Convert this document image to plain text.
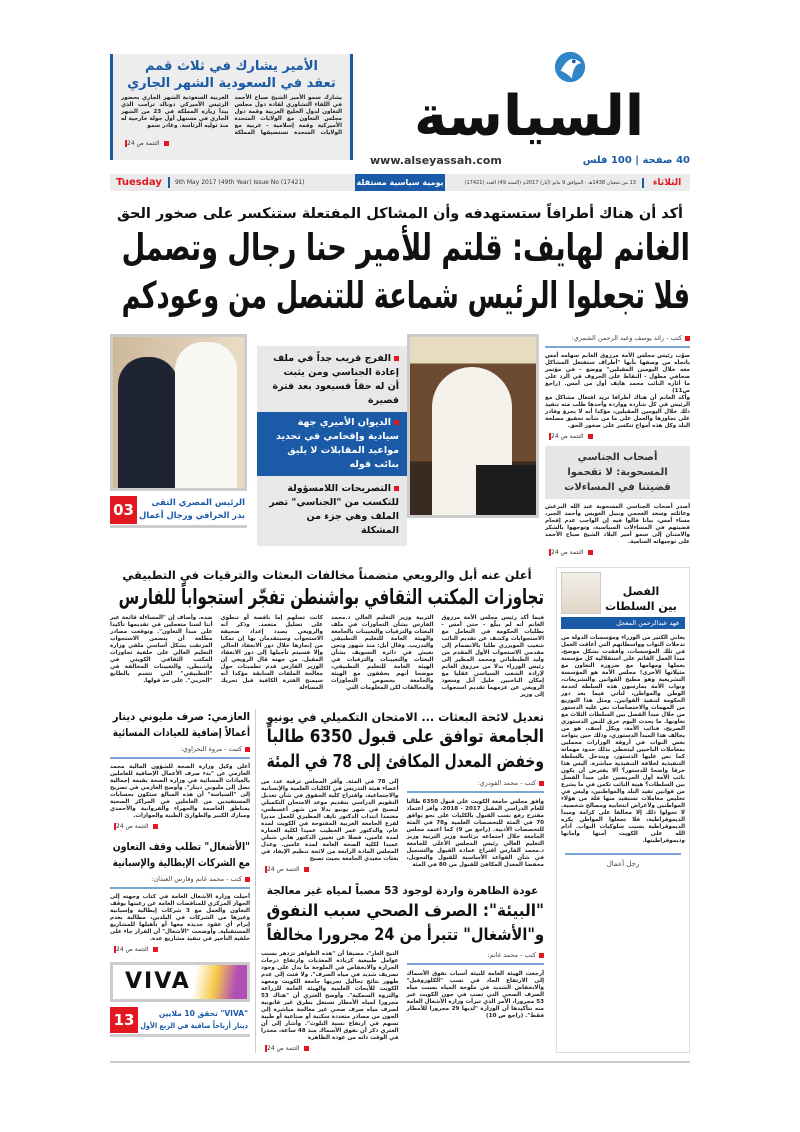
الأمير يشارك في ثلاث قمم
تعقد في السعودية الشهر الجاري
يشارك سمو الأمير الشيخ صباح الأحمد في اللقاء التشاوري لقادة دول مجلس التعاون لدول الخليج العربية وقمة دول مجلس التعاون مع الولايات المتحدة الأميركية وقمة إسلامية - عربية مع الولايات المتحدة تستضيفها المملكة العربية السعودية الشهر الجاري بحضور الرئيس الأميركي دونالد ترامب الذي يبدأ زيارة المملكة في 23 من الشهر الجاري في مستهل أول جولة خارجية له منذ توليه الرئاسة. وغادر سمو
التتمة ص 24	السياسة
www.alseyassah.com	40 صفحة | 100 فلس
Tuesday	9th May 2017 (49th Year) Issue No (17421)	يومية سياسية مستقلة	13 من شعبان 1438هـ - الموافق 9 مايو (أيار) 2017م (السنة 49) العدد (17421)	الثلاثاء
أكد أن هناك أطرافاً ستستهدفه وأن المشاكل المفتعلة ستنكسر على صخور الحق
الغانم لهايف: قلتم للأمير حنا رجال وتصمل
فلا تجعلوا الرئيس شماعة للتنصل من وعودكم
كتب - رائد يوسف وعبد الرحمن الشمري:
صوّب رئيس مجلس الأمة مرزوق الغانم سهامه أمس باتجاه من وصفها بأنها "أطراف ستفتعل المشاكل معه خلال اليومين المقبلين" ووضع - في مؤتمر صحافي مطول - النقاط على الحروف في الرد على ما أثاره النائب محمد هايف أول من أمس. (راجع ص11)
وأكد الغانم أن هناك أطرافا تريد افتعال مشاكل مع الرئيس في كل شاردة وواردة وأحدها طلب منه تنفيذ ذلك خلال اليومين المقبلين، مؤكدا أنه لا يجرؤ وقادر على تجاوزها والعمل على ما من شأنه تحقيق مصلحة البلد وكل هذه أمواج تتكسر على صخور الحق.
التتمة ص 24
أصحاب الجناسي المسحوبة: لا تقحموا قضيتنا في المساءلات
أصدر أصحاب الجناسي المسحوبة عبد الله البرغش وعائلته وسعد العجمي ونبيل العويس وأحمد الجبر، مساء أمس، بيانا قالوا فيه إن الواجب عدم إقحام قضيتهم في المساءلات السياسية، وتوجهوا بالشكر والامتنان إلى سمو أمير البلاد الشيخ صباح الأحمد على توجيهاته السامية.
التتمة ص 24
الفرج قريب جداً في ملف إعادة الجناسي ومن يثبت أن له حقاً فسيعود بعد فترة قصيرة
الديوان الأميري جهة سيادية وإقحامي في تحديد مواعيد المقابلات لا يليق بنائب قوله
التصريحات اللامسؤولة للتكسب من "الجناسي" تضر الملف وهي جزء من المشكلة
03	الرئيس المصري التقى
بدر الخرافي ورجال أعمال
الفصل
بين السلطات
فهد عبدالرحمن المعجل
يعاني الكثير من الوزراء ومؤسسات الدولة من تدخلات النواب وواسطاتهم التي أعاقت العمل في تلك المؤسسات، وأفقدت بشكل موضح، مبدأ العمل القائم على استقلالية كل مؤسسة بعملها ومهامها مع ضرورة التعاون مع مثيلاتها الأخرى! مجلس الأمة هو المؤسسة التشريعية وهو مطبخ القوانين والتشريعات، ونواب الأمة يمارسون هذه السلطة لخدمة الوطن والمواطن، لتأتي فيما بعد دور الحكومة لتنفيذ القوانين. ومثل هذا التوزيع من المهمات والاختصاصات نص عليه الدستور من خلال مبدأ الفصل بين السلطات الثلاث مع تعاونها. ما يحدث اليوم خرق للنص الدستوري الصريح، فنائب الأمة، وبكل أسف، هو من يخالف هذا المبدأ الدستوري، وذلك حين يتواجد بعض النواب في أروقة الوزارات محملين بمعاملات الناخبين ليتخطى بذلك حدود مهماته كما نص عليها الدستور، ويتدخل بالسلطة التنفيذية لخلافة التنفيذية مباشرة. أليس هذا خرقا واضحا للدستور؟ ألا يفترض أن يكون نائب الأمة أول الحريصين على مبدأ الفصل بين السلطات؟ هيبة النائب تكمن في ما يشرع من قوانين تفيد البلد والمواطنين، وليس في تخليص معاملات تستفيد منها قلة من هؤلاء المواطنين ولأغراض انتخابية ومصالح شخصية. لا تحولوا ذلك إلا مخالفا على كرامة ومبدأ الديموقراطية، فلا تجعلوا المواطن يكره الديموقراطية بسبب سلوكيات النواب. أدام الله على الكويت أمنها وأمانها وديموقراطيتها.
رجل أعمال
أعلن عنه أبل والرويعي متضمناً مخالفات البعثات والترقيات في التطبيقي
تجاوزات المكتب الثقافي بواشنطن تفجّر استجواباً للفارس
فيما أكد رئيس مجلس الأمة مرزوق الغانم أنه لم يبلّغ - حتى أمس - بطلبات الحكومة في التعامل مع الاستجوابات وكشف عن تقديم النائب شعيب المويزري طلبا بالانضمام إلى مقدمي الاستجواب الأول المقدم من وليد الطبطبائي ومحمد المطير إلى رئيس الوزراء بدلا من مرزوق الغانم لإرادة الشعب السياسي عقليا مع إمكان الناخبين خليل أبل وسعود الرويعي عن عزمهما تقديم استجواب إلى وزير
التربية وزير التعليم العالي د.محمد الفارس بشأن التجاوزات في ملف البعثات والترقيات والتعيينات بالجامعة والهيئة العامة للتعليم التطبيقي والتدريب. وقال أبل: منذ شهور ونحن نعيش في دائرة التسويف بشأن البعثات والتعيينات والترقيات في الهيئة العامة للتعليم التطبيقي، موضحا أنهم يحققون مع الهيئة والجامعة بخصوص التجاوزات والمخالفات لكن المعلومات التي
كانت تصلهم إما ناقصة أو تنطوي على تضليل متعمد. وذكر أنه والرويعي بصدد إعداد صحيفة الاستجواب وسيتقدمان بها إن تمكنا من إنجازها خلال دور الانعقاد الحالي وإلا فسيتم تأجيلها إلى دور الانعقاد المقبل. من جهته قال الرويعي إن الوزير الفارس قدم تطمينات حول معالجة الملفات السابقة مؤكدا أنه سيمنح الفترة الكافية قبل تحريك المساءلة
ضده. وأضاف إن "المساءلة قائمة غير أننا لسنا متعجلين في تقديمها تأكيدا على مبدأ التعاون". وتوقعت مصادر مطلعة أن يتضمن الاستجواب المرتقب بشكل أساسي ملفي وزارة التعليم العالي على خلفية تجاوزات المكتب الثقافي الكويتي في واشنطن، والتعيينات المخالفة في "التطبيقي" التي تتسم بالطابع "الحزبي". على حد قولها.
تعديل لائحة البعثات ... الامتحان التكميلي في يونيو
الجامعة توافق على قبول 6350 طالباً
وخفض المعدل المكافئ إلى 78 في المئة
كتب - محمد الفودري:
وافق مجلس جامعة الكويت على قبول 6350 طالبا للعام الدراسي المقبل 2017 - 2018، وأقر اعتماد مقترح رفع نسب القبول بالكليات على نحو يوافق 70 في المئة للتخصصات العلمية و78 في المئة للتخصصات الأدبية. (راجع ص 9) كما اعتمد مجلس الجامعة خلال اجتماعه برئاسة وزير التربية وزير التعليم العالي رئيس المجلس الأعلى للجامعة د.محمد الفارس اقتراح عمادة القبول والتسجيل في شأن القواعد الأساسية للقبول والتحويل، مخفضا المعدل المكافئ للقبول من 80 في المئة
إلى 78 في المئة. وأقر المجلس ترقية عدد من أعضاء هيئة التدريس في الكليات العلمية والإنسانية والاجتماعية، واقتراح كلية الحقوق في شأن تعديل التقويم الدراسي بتقديم موعد الامتحان التكميلي ليصبح في شهر يونيو بدلا من شهر أغسطس، معتمدا انتداب الدكتور نايف المطيري للعمل مديرا لفرع الجامعة العربية المفتوحة في الكويت لمدة عام، والدكتور عمر الخطيب عميدا لكلية العمارة لمدة عامين، فضلا عن تعيين الدكتور هاني شبلي عميدا لكلية الصحة العامة لمدة عامين. وعدل المجلس المادة الرابعة من لائحة تنظيم الإيفاد في بعثات معيدي الجامعة بحيث تصبح
التتمة ص 24
عودة الظاهرة واردة لوجود 53 مصباً لمياه غير معالجة
"البيئة": الصرف الصحي سبب النفوق
و"الأشغال" تتبرأ من 24 مجرورا مخالفاً
كتب - محمد غانم:
أرجعت الهيئة العامة للبيئة أسباب نفوق الأسماك إلى الارتفاع الحاد في نسب "الكلوروفيل" والانخفاض الشديد في ملوحة المياه بسبب مياه الصرف الصحي التي تصب في جون الكويت عبر 53 مجرورا، الأمر الذي تبرأت وزارة الأشغال العامة منه بتأكيدها أن الوزارة "لديها 29 مجرورا للأمطار فقط". (راجع ص 10)
التيح الغار"، مضيفا أن "هذه الظواهر تزدهر بسبب عوامل طبيعية كزيادة المغذيات وارتفاع درجات الحرارة والانخفاض في الملوحة ما يدل على وجود تصريف شديد في مياه الصرف". ولا فتت إلى عدم ظهور نتائج تحاليل تجريها جامعة الكويت ومعهد الكويت للأبحاث العلمية والهيئة العامة للزراعة والثروة السمكية". وأوضح العتري أن "هناك 53 مجرورا لمياه الأمطار تستغل بطرق غير قانونية لصرف مياه صرف صحي غير معالجة مباشرة إلى الجون من مصادر متعددة سكنية أو صناعية أو طبية تسهم في ارتفاع نسبة التلوث". وأشار إلى أن العتري ذكر أن نفوق الأسماك منذ 48 ساعة، محذرا في الوقت ذاته من عودة الظاهرة
التتمة ص 24
العازمي: صرف مليوني دينار
أعمالاً إضافية للعيادات المسائية
كتبت - مروة البحراوي:
أعلن وكيل وزارة الصحة للشؤون المالية محمد العازمي عن "بدء صرف الأعمال الإضافية للعاملين بالعيادات المسائية في وزارة الصحة بقيمة إجمالية تصل إلى مليوني دينار". وأوضح العازمي في تصريح إلى "السياسة" أن هذه المبالغ ستكون بحسابات المستفيدين من العاملين في المراكز الصحية بمناطق العاصمة والجهراء والفروانية والأحمدي ومبارك الكبير والطوارئ الطبية والجوازات.
التتمة ص 24
"الأشغال" تطلب وقف التعاون
مع الشركات الإيطالية والإسبانية
كتب - محمد غانم وفارس العبدان:
أحيلت وزارة الأشغال العامة في كتاب وجهته إلى الجهاز المركزي للمناقصات العامة عن رغبتها بوقف التعاون والعمل مع 3 شركات إيطالية وإسبانية وغيرها من الشركات في البلدين، مطالبة بعدم إبرام أي عقود جديدة معها أو تأهيلها للمشاريع المستقبلية. وأوضحت "الأشغال" أن القرار جاء على خلفية التأخير في تنفيذ مشاريع عدة.
التتمة ص 24
VIVA
13	"VIVA" تحقق 10 ملايين
دينار أرباحاً صافية في الربع الأول
